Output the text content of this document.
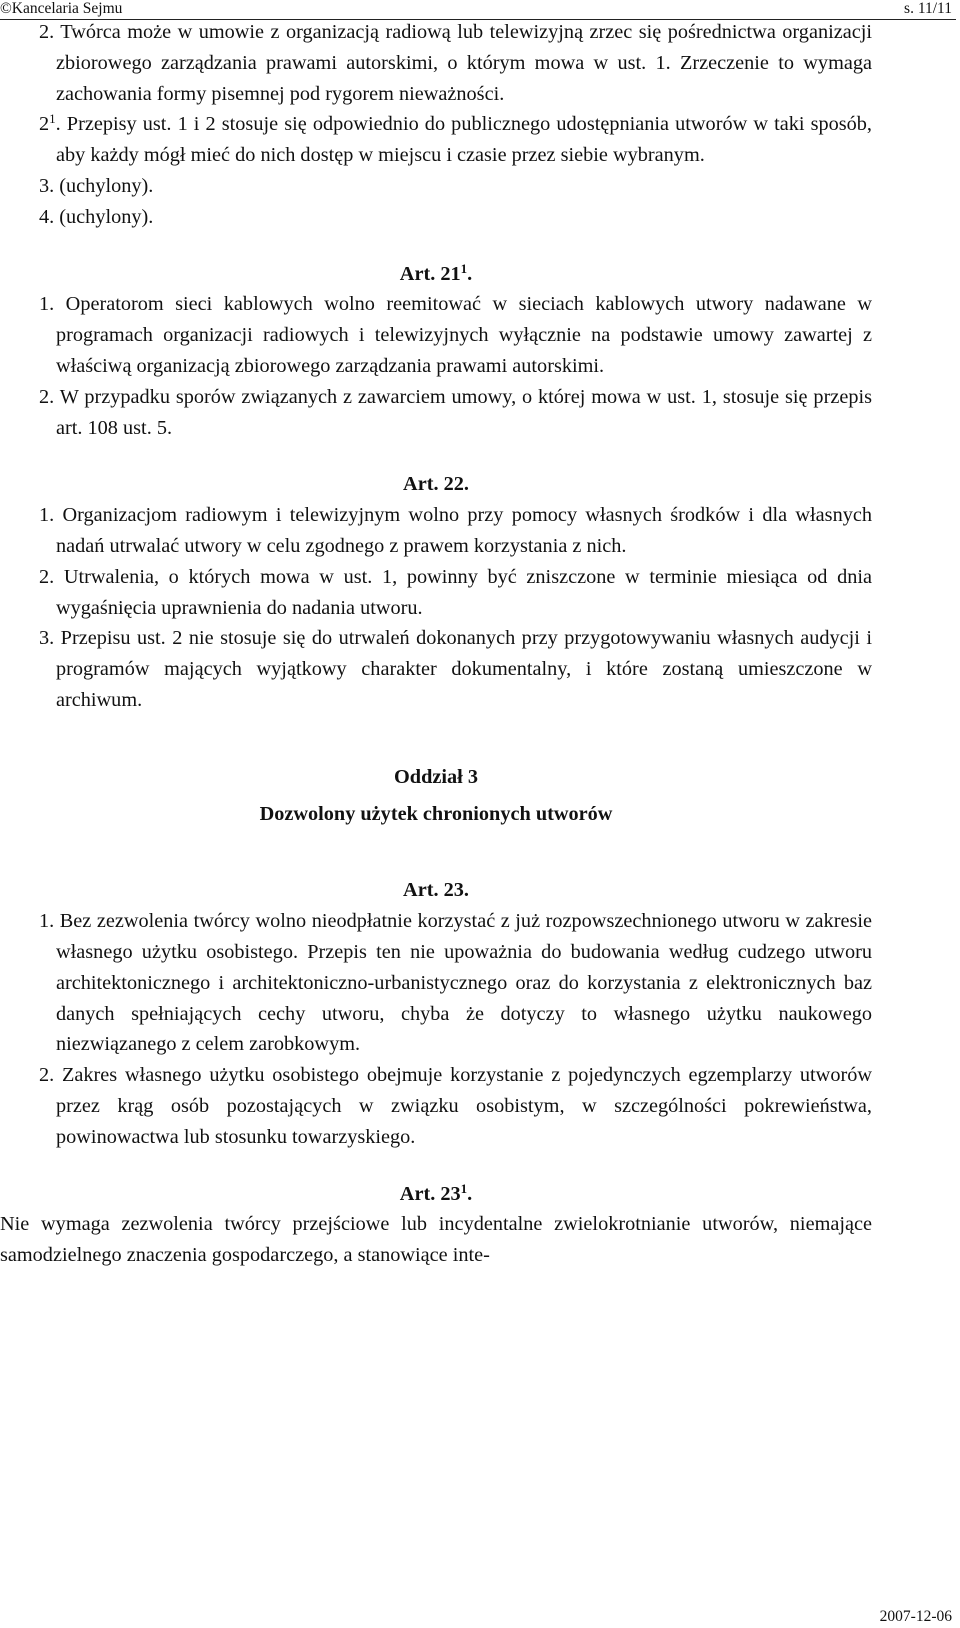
©Kancelaria Sejmu	s. 11/11

2. Twórca może w umowie z organizacją radiową lub telewizyjną zrzec się pośrednictwa organizacji zbiorowego zarządzania prawami autorskimi, o którym mowa w ust. 1. Zrzeczenie to wymaga zachowania formy pisemnej pod rygorem nieważności.

$2^1$. Przepisy ust. 1 i 2 stosuje się odpowiednio do publicznego udostępniania utworów w taki sposób, aby każdy mógł mieć do nich dostęp w miejscu i czasie przez siebie wybranym.

3. (uchylony).

4. (uchylony).

Art. $21^1$.

1. Operatorom sieci kablowych wolno reemitować w sieciach kablowych utwory nadawane w programach organizacji radiowych i telewizyjnych wyłącznie na podstawie umowy zawartej z właściwą organizacją zbiorowego zarządzania prawami autorskimi.

2. W przypadku sporów związanych z zawarciem umowy, o której mowa w ust. 1, stosuje się przepis art. 108 ust. 5.

Art. 22.

1. Organizacjom radiowym i telewizyjnym wolno przy pomocy własnych środków i dla własnych nadań utrwalać utwory w celu zgodnego z prawem korzystania z nich.

2. Utrwalenia, o których mowa w ust. 1, powinny być zniszczone w terminie miesiąca od dnia wygaśnięcia uprawnienia do nadania utworu.

3. Przepisu ust. 2 nie stosuje się do utrwaleń dokonanych przy przygotowywaniu własnych audycji i programów mających wyjątkowy charakter dokumentalny, i które zostaną umieszczone w archiwum.

Oddział 3

Dozwolony użytek chronionych utworów

Art. 23.

1. Bez zezwolenia twórcy wolno nieodpłatnie korzystać z już rozpowszechnionego utworu w zakresie własnego użytku osobistego. Przepis ten nie upoważnia do budowania według cudzego utworu architektonicznego i architektoniczno-urbanistycznego oraz do korzystania z elektronicznych baz danych spełniających cechy utworu, chyba że dotyczy to własnego użytku naukowego niezwiązanego z celem zarobkowym.

2. Zakres własnego użytku osobistego obejmuje korzystanie z pojedynczych egzemplarzy utworów przez krąg osób pozostających w związku osobistym, w szczególności pokrewieństwa, powinowactwa lub stosunku towarzyskiego.

Art. $23^1$.

Nie wymaga zezwolenia twórcy przejściowe lub incydentalne zwielokrotnianie utworów, niemające samodzielnego znaczenia gospodarczego, a stanowiące inte-

2007-12-06
